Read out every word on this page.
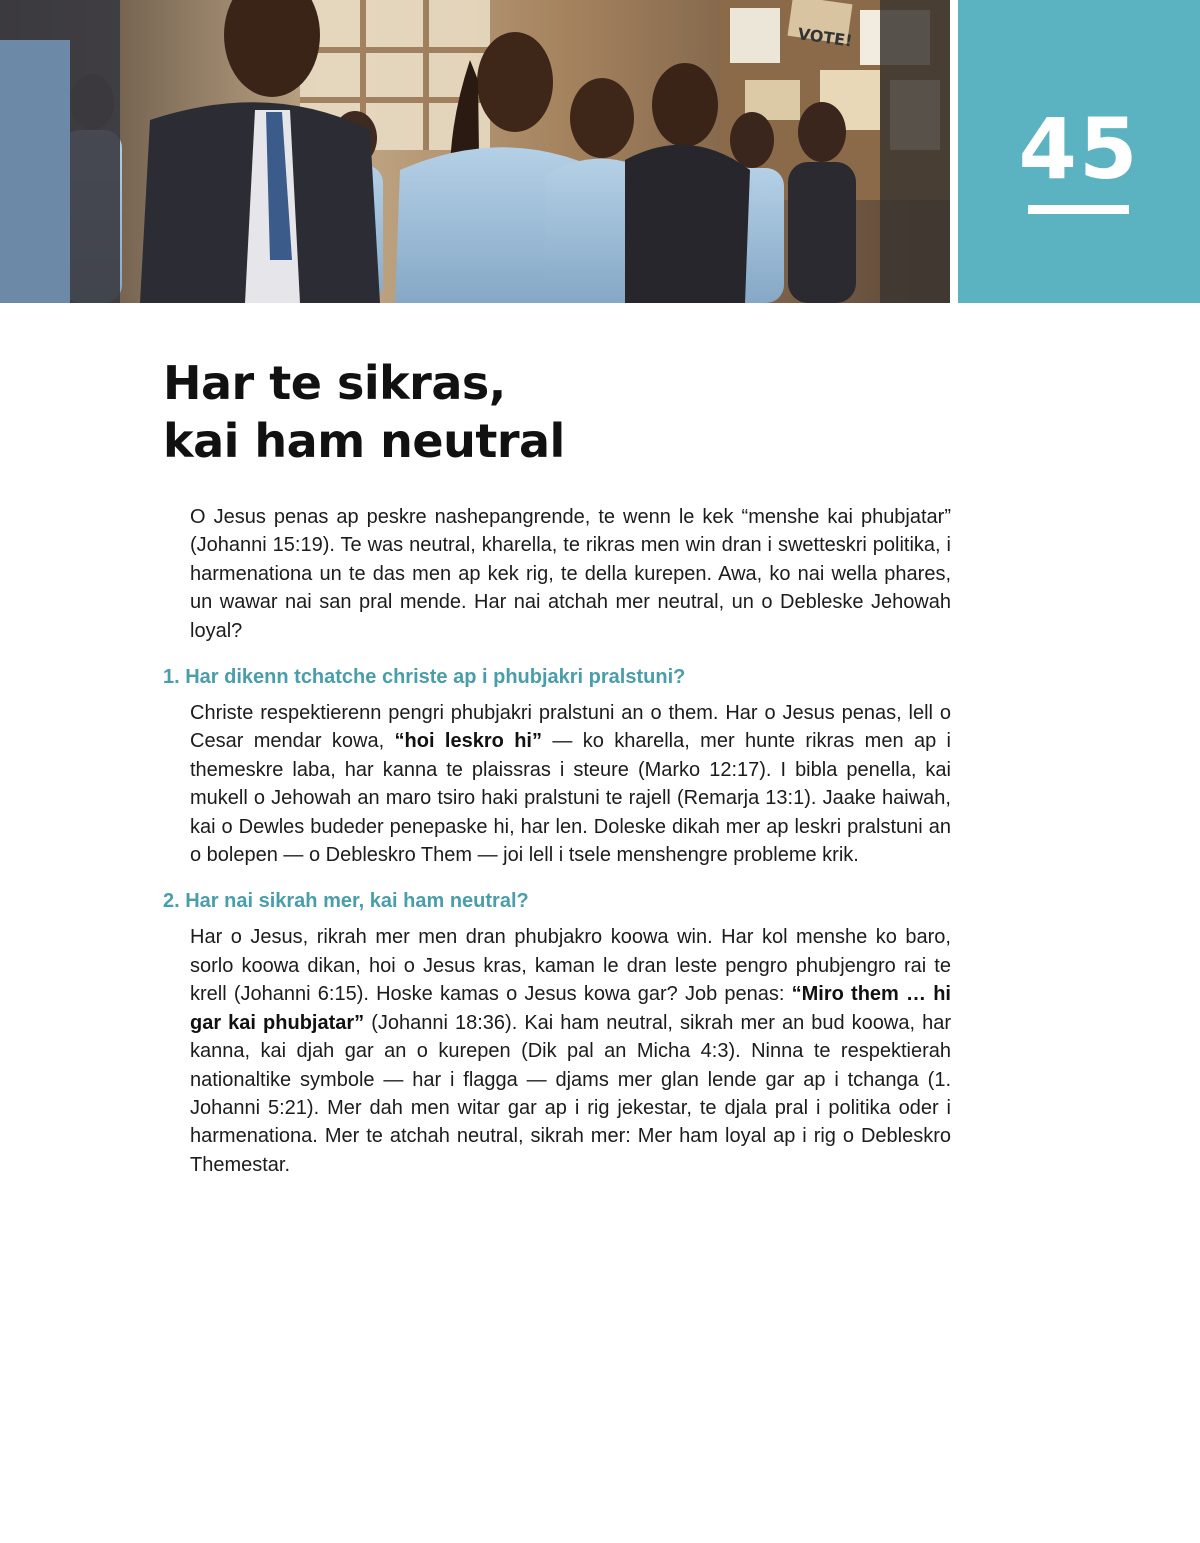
VOTE!
45
Har te sikras,
kai ham neutral

O Jesus penas ap peskre nashepangrende, te wenn le kek “menshe kai phubjatar” (Johanni 15:19). Te was neutral, kharella, te rikras men win dran i swetteskri politika, i harmenationa un te das men ap kek rig, te della kurepen. Awa, ko nai wella phares, un wawar nai san pral mende. Har nai atchah mer neutral, un o Debleske Jehowah loyal?

1. Har dikenn tchatche christe ap i phubjakri pralstuni?

Christe respektierenn pengri phubjakri pralstuni an o them. Har o Jesus penas, lell o Cesar mendar kowa, “hoi leskro hi” — ko kharella, mer hunte rikras men ap i themeskre laba, har kanna te plaissras i steure (Marko 12:17). I bibla penella, kai mukell o Jehowah an maro tsiro haki pralstuni te rajell (Remarja 13:1). Jaake haiwah, kai o Dewles budeder penepaske hi, har len. Doleske dikah mer ap leskri pralstuni an o bolepen — o Debleskro Them — joi lell i tsele menshengre probleme krik.

2. Har nai sikrah mer, kai ham neutral?

Har o Jesus, rikrah mer men dran phubjakro koowa win. Har kol menshe ko baro, sorlo koowa dikan, hoi o Jesus kras, kaman le dran leste pengro phubjengro rai te krell (Johanni 6:15). Hoske kamas o Jesus kowa gar? Job penas: “Miro them … hi gar kai phubjatar” (Johanni 18:36). Kai ham neutral, sikrah mer an bud koowa, har kanna, kai djah gar an o kurepen (Dik pal an Micha 4:3). Ninna te respektierah nationaltike symbole — har i flagga — djams mer glan lende gar ap i tchanga (1. Johanni 5:21). Mer dah men witar gar ap i rig jekestar, te djala pral i politika oder i harmenationa. Mer te atchah neutral, sikrah mer: Mer ham loyal ap i rig o Debleskro Themestar.
